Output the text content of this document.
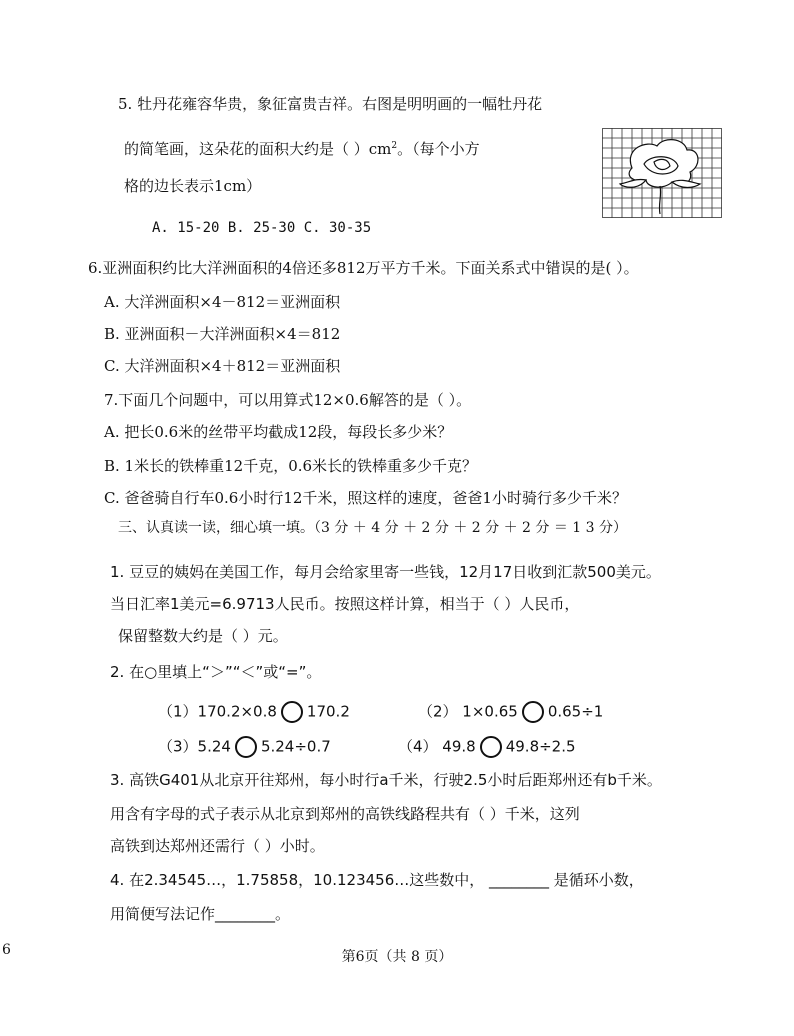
5. 牡丹花雍容华贵，象征富贵吉祥。右图是明明画的一幅牡丹花
的简笔画，这朵花的面积大约是（ ）$cm^2$。（每个小方
格的边长表示1cm）
A. 15-20 B. 25-30 C. 30-35
6.亚洲面积约比大洋洲面积的4倍还多812万平方千米。下面关系式中错误的是( ）。
A. 大洋洲面积×4－812＝亚洲面积
B. 亚洲面积－大洋洲面积×4＝812
C. 大洋洲面积×4＋812＝亚洲面积
7.下面几个问题中，可以用算式12×0.6解答的是（ ）。
A. 把长0.6米的丝带平均截成12段，每段长多少米？
B. 1米长的铁棒重12千克，0.6米长的铁棒重多少千克？
C. 爸爸骑自行车0.6小时行12千米，照这样的速度，爸爸1小时骑行多少千米？
三、认真读一读，细心填一填。（3 分 ＋ 4 分 ＋ 2 分 ＋ 2 分 ＋ 2 分 ＝ 1 3 分）
1. 豆豆的姨妈在美国工作，每月会给家里寄一些钱，12月17日收到汇款500美元。
当日汇率1美元=6.9713人民币。按照这样计算，相当于（ ）人民币，
保留整数大约是（ ）元。
2. 在○里填上“＞”“＜”或“=”。
（1）170.2×0.8 170.2	（2） 1×0.65 0.65÷1
（3）5.24 5.24÷0.7	（4） 49.8 49.8÷2.5
3. 高铁G401从北京开往郑州，每小时行a千米，行驶2.5小时后距郑州还有b千米。
用含有字母的式子表示从北京到郑州的高铁线路程共有（ ）千米，这列
高铁到达郑州还需行（ ）小时。
4. 在2.34545…，1.75858，10.123456…这些数中， ________ 是循环小数，
用简便写法记作________。
6	第6页（共 8 页）
